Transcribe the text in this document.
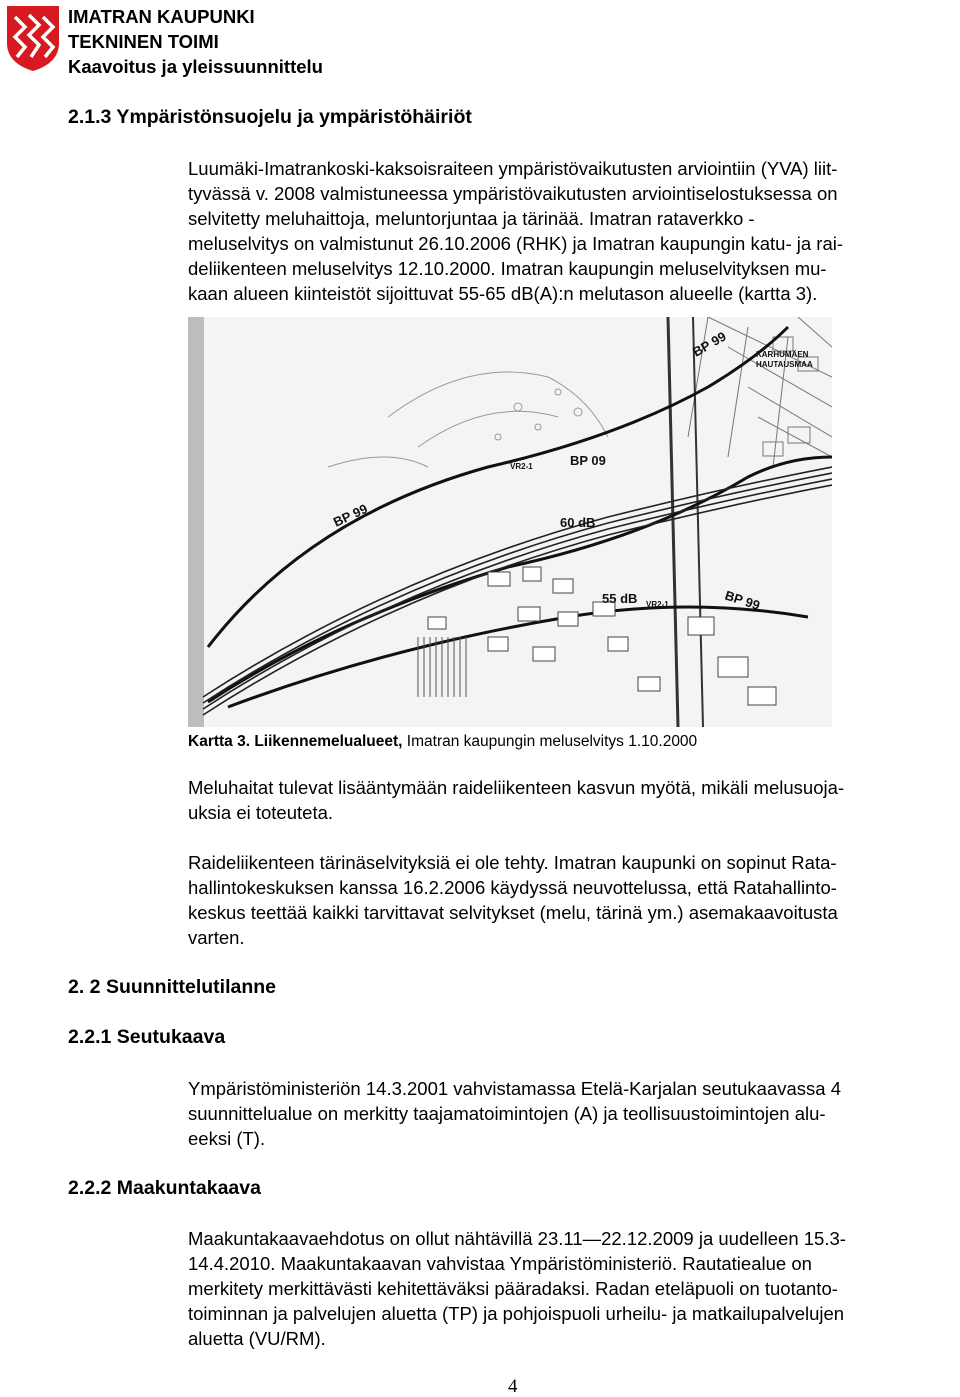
IMATRAN KAUPUNKI
TEKNINEN TOIMI
Kaavoitus ja yleissuunnittelu
2.1.3 Ympäristönsuojelu ja ympäristöhäiriöt
Luumäki-Imatrankoski-kaksoisraiteen ympäristövaikutusten arviointiin (YVA) liit-
tyvässä v. 2008 valmistuneessa ympäristövaikutusten arviointiselostuksessa on
selvitetty meluhaittoja, meluntorjuntaa ja tärinää. Imatran rataverkko -
meluselvitys on valmistunut 26.10.2006 (RHK) ja Imatran kaupungin katu- ja rai-
deliikenteen meluselvitys 12.10.2000. Imatran kaupungin meluselvityksen mu-
kaan alueen kiinteistöt sijoittuvat 55-65 dB(A):n melutason alueelle (kartta 3).
BP 99
BP 99
BP 99
BP 09
60 dB
55 dB
VR2-1
VR2-1
KARHUMÄEN
HAUTAUSMAA
Kartta 3. Liikennemelualueet, Imatran kaupungin meluselvitys 1.10.2000
Meluhaitat tulevat lisääntymään raideliikenteen kasvun myötä, mikäli melusuoja-
uksia ei toteuteta.
Raideliikenteen tärinäselvityksiä ei ole tehty. Imatran kaupunki on sopinut Rata-
hallintokeskuksen kanssa 16.2.2006 käydyssä neuvottelussa, että Ratahallinto-
keskus teettää kaikki tarvittavat selvitykset (melu, tärinä ym.) asemakaavoitusta
varten.
2. 2 Suunnittelutilanne
2.2.1 Seutukaava
Ympäristöministeriön 14.3.2001 vahvistamassa Etelä-Karjalan seutukaavassa 4
suunnittelualue on merkitty taajamatoimintojen (A) ja teollisuustoimintojen alu-
eeksi (T).
2.2.2 Maakuntakaava
Maakuntakaavaehdotus on ollut nähtävillä 23.11—22.12.2009 ja uudelleen 15.3-
14.4.2010. Maakuntakaavan vahvistaa Ympäristöministeriö. Rautatiealue on
merkitety merkittävästi kehitettäväksi pääradaksi. Radan eteläpuoli on tuotanto-
toiminnan ja palvelujen aluetta (TP) ja pohjoispuoli urheilu- ja matkailupalvelujen
aluetta (VU/RM).
4
